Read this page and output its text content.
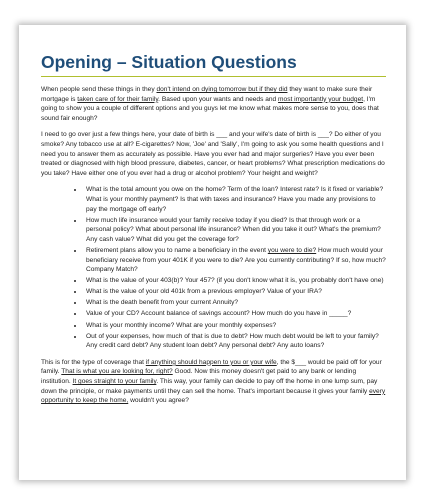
Opening – Situation Questions

When people send these things in they don't intend on dying tomorrow but if they did they want to make sure their mortgage is taken care of for their family. Based upon your wants and needs and most importantly your budget, I'm going to show you a couple of different options and you guys let me know what makes more sense to you, does that sound fair enough?

I need to go over just a few things here, your date of birth is ___ and your wife's date of birth is ___? Do either of you smoke? Any tobacco use at all? E-cigarettes? Now, 'Joe' and 'Sally', I'm going to ask you some health questions and I need you to answer them as accurately as possible. Have you ever had and major surgeries? Have you ever been treated or diagnosed with high blood pressure, diabetes, cancer, or heart problems? What prescription medications do you take? Have either one of you ever had a drug or alcohol problem? Your height and weight?

• What is the total amount you owe on the home? Term of the loan? Interest rate? Is it fixed or variable? What is your monthly payment? Is that with taxes and insurance? Have you made any provisions to pay the mortgage off early?
• How much life insurance would your family receive today if you died? Is that through work or a personal policy? What about personal life insurance? When did you take it out? What's the premium? Any cash value? What did you get the coverage for?
• Retirement plans allow you to name a beneficiary in the event you were to die? How much would your beneficiary receive from your 401K if you were to die? Are you currently contributing? If so, how much? Company Match?
• What is the value of your 403(b)? Your 457? (if you don't know what it is, you probably don't have one)
• What is the value of your old 401k from a previous employer? Value of your IRA?
• What is the death benefit from your current Annuity?
• Value of your CD? Account balance of savings account? How much do you have in _____?
• What is your monthly income? What are your monthly expenses?
• Out of your expenses, how much of that is due to debt? How much debt would be left to your family? Any credit card debt? Any student loan debt? Any personal debt? Any auto loans?

This is for the type of coverage that if anything should happen to you or your wife, the $___ would be paid off for your family. That is what you are looking for, right? Good. Now this money doesn't get paid to any bank or lending institution. It goes straight to your family. This way, your family can decide to pay off the home in one lump sum, pay down the principle, or make payments until they can sell the home. That's important because it gives your family every opportunity to keep the home, wouldn't you agree?
